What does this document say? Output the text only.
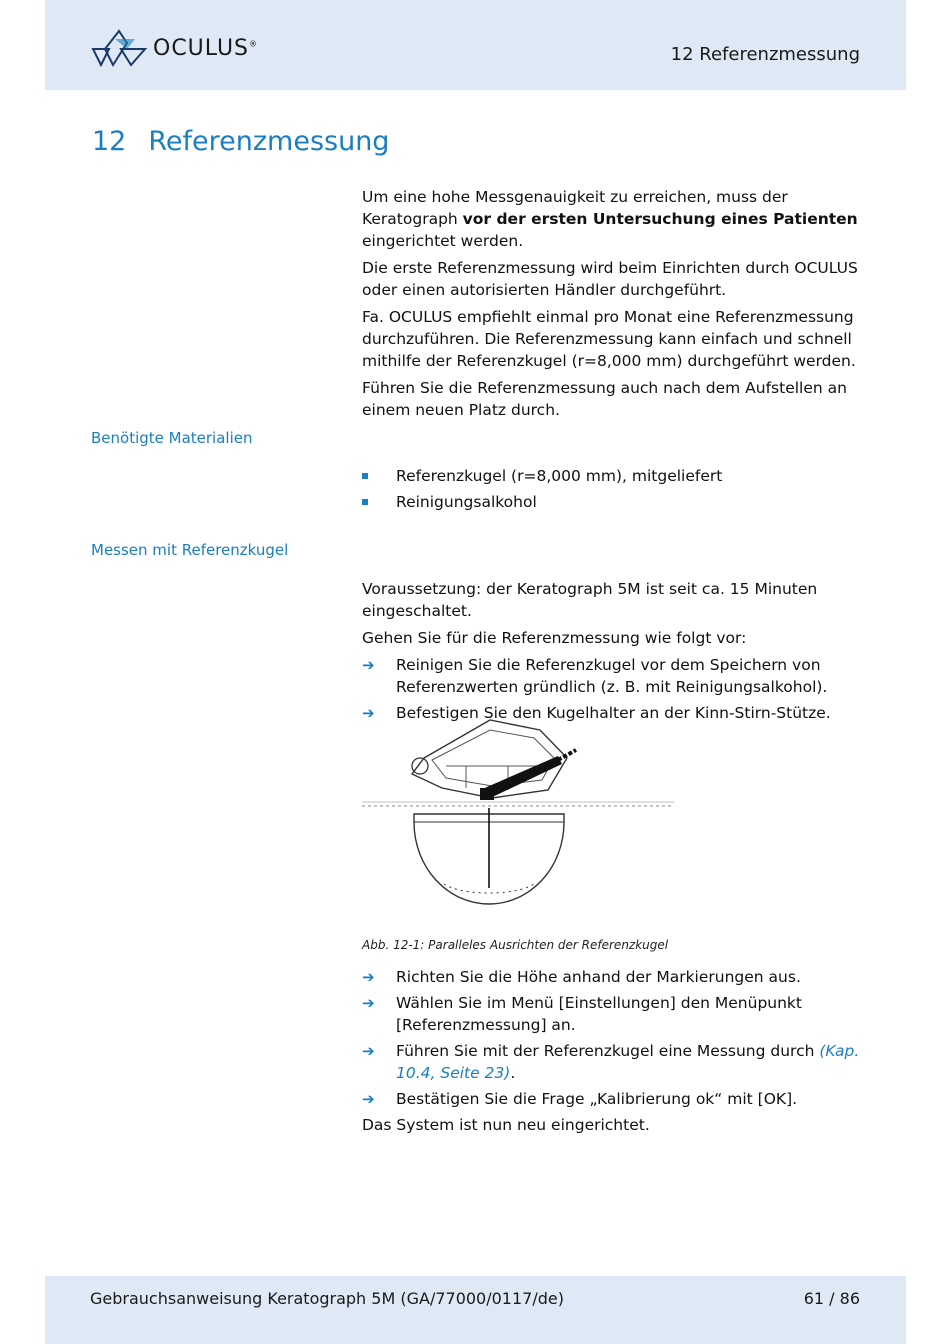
OCULUS®
12 Referenzmessung
12 Referenzmessung

Um eine hohe Messgenauigkeit zu erreichen, muss der Keratograph vor der ersten Untersuchung eines Patienten eingerichtet werden.

Die erste Referenzmessung wird beim Einrichten durch OCULUS oder einen autorisierten Händler durchgeführt.

Fa. OCULUS empfiehlt einmal pro Monat eine Referenzmessung durchzuführen. Die Referenzmessung kann einfach und schnell mithilfe der Referenzkugel (r=8,000 mm) durchgeführt werden.

Führen Sie die Referenzmessung auch nach dem Aufstellen an einem neuen Platz durch.

Benötigte Materialien
Referenzkugel (r=8,000 mm), mitgeliefert
Reinigungsalkohol
Messen mit Referenzkugel

Voraussetzung: der Keratograph 5M ist seit ca. 15 Minuten eingeschaltet.

Gehen Sie für die Referenzmessung wie folgt vor:

➔ Reinigen Sie die Referenzkugel vor dem Speichern von Referenzwerten gründlich (z. B. mit Reinigungsalkohol).
➔ Befestigen Sie den Kugelhalter an der Kinn-Stirn-Stütze.
Abb. 12-1: Paralleles Ausrichten der Referenzkugel
➔ Richten Sie die Höhe anhand der Markierungen aus.
➔ Wählen Sie im Menü [Einstellungen] den Menüpunkt [Referenzmessung] an.
➔ Führen Sie mit der Referenzkugel eine Messung durch (Kap. 10.4, Seite 23).
➔ Bestätigen Sie die Frage „Kalibrierung ok“ mit [OK].

Das System ist nun neu eingerichtet.

Gebrauchsanweisung Keratograph 5M (GA/77000/0117/de)	61 / 86
